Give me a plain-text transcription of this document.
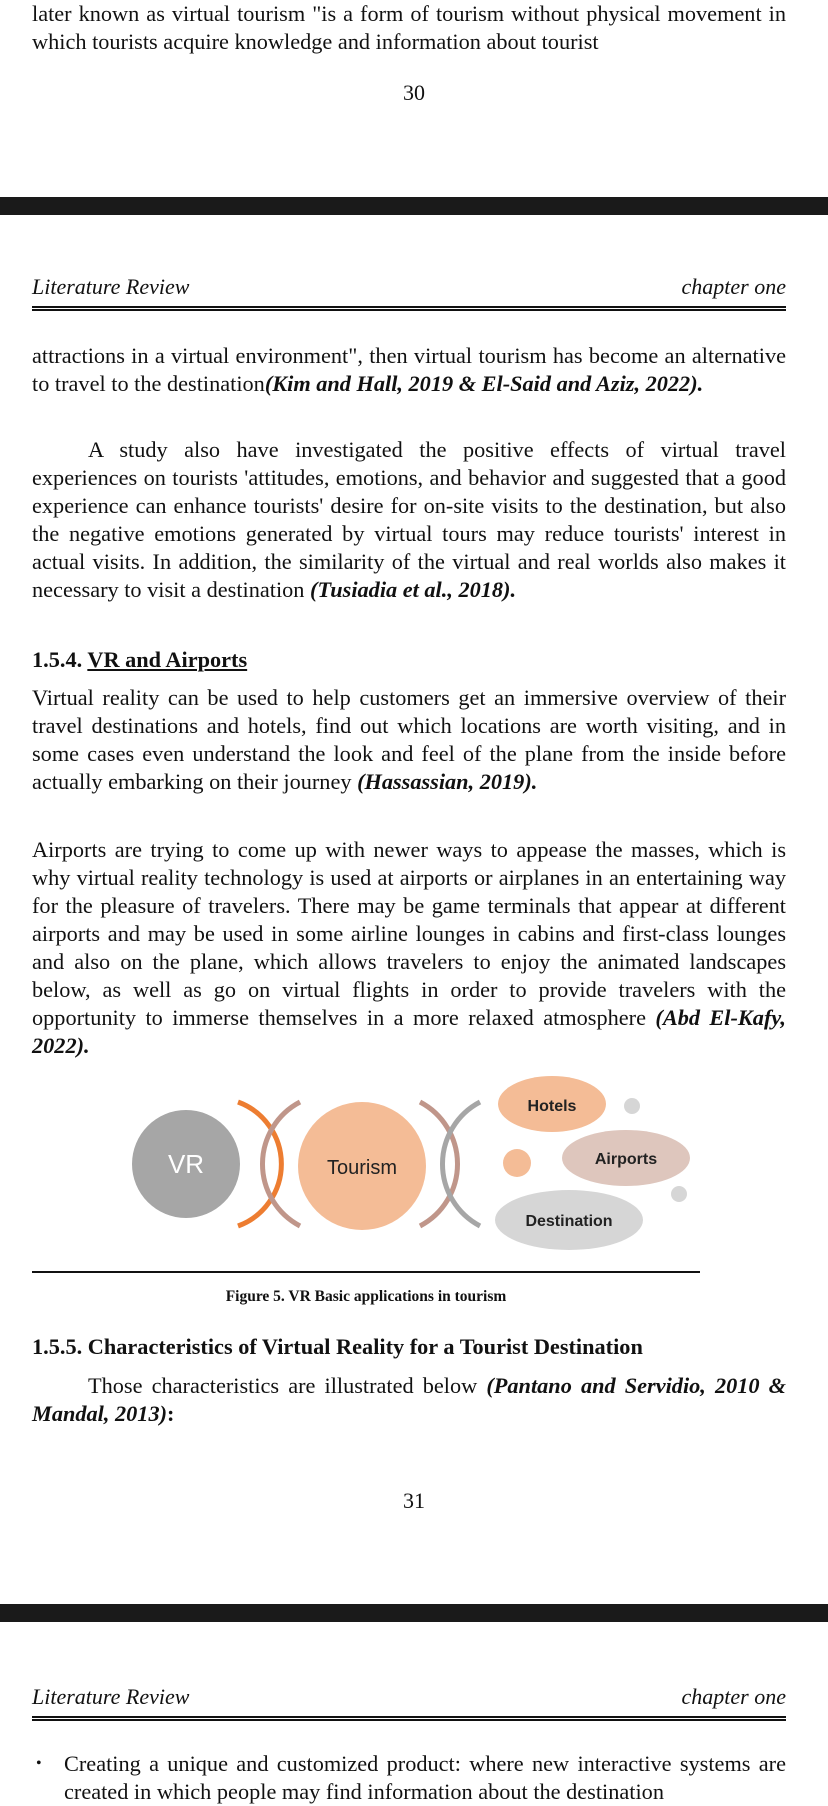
later known as virtual tourism "is a form of tourism without physical movement in which tourists acquire knowledge and information about tourist

30
Literature Review	chapter one

attractions in a virtual environment", then virtual tourism has become an alternative to travel to the destination(Kim and Hall, 2019 & El-Said and Aziz, 2022).

A study also have investigated the positive effects of virtual travel experiences on tourists 'attitudes, emotions, and behavior and suggested that a good experience can enhance tourists' desire for on-site visits to the destination, but also the negative emotions generated by virtual tours may reduce tourists' interest in actual visits. In addition, the similarity of the virtual and real worlds also makes it necessary to visit a destination (Tusiadia et al., 2018).

1.5.4. VR and Airports

Virtual reality can be used to help customers get an immersive overview of their travel destinations and hotels, find out which locations are worth visiting, and in some cases even understand the look and feel of the plane from the inside before actually embarking on their journey (Hassassian, 2019).

Airports are trying to come up with newer ways to appease the masses, which is why virtual reality technology is used at airports or airplanes in an entertaining way for the pleasure of travelers. There may be game terminals that appear at different airports and may be used in some airline lounges in cabins and first-class lounges and also on the plane, which allows travelers to enjoy the animated landscapes below, as well as go on virtual flights in order to provide travelers with the opportunity to immerse themselves in a more relaxed atmosphere (Abd El-Kafy, 2022).

VR	Tourism
Hotels
Airports
Destination
Figure 5. VR Basic applications in tourism
1.5.5. Characteristics of Virtual Reality for a Tourist Destination

Those characteristics are illustrated below (Pantano and Servidio, 2010 & Mandal, 2013):

31
Literature Review	chapter one
• Creating a unique and customized product: where new interactive systems are created in which people may find information about the destination
